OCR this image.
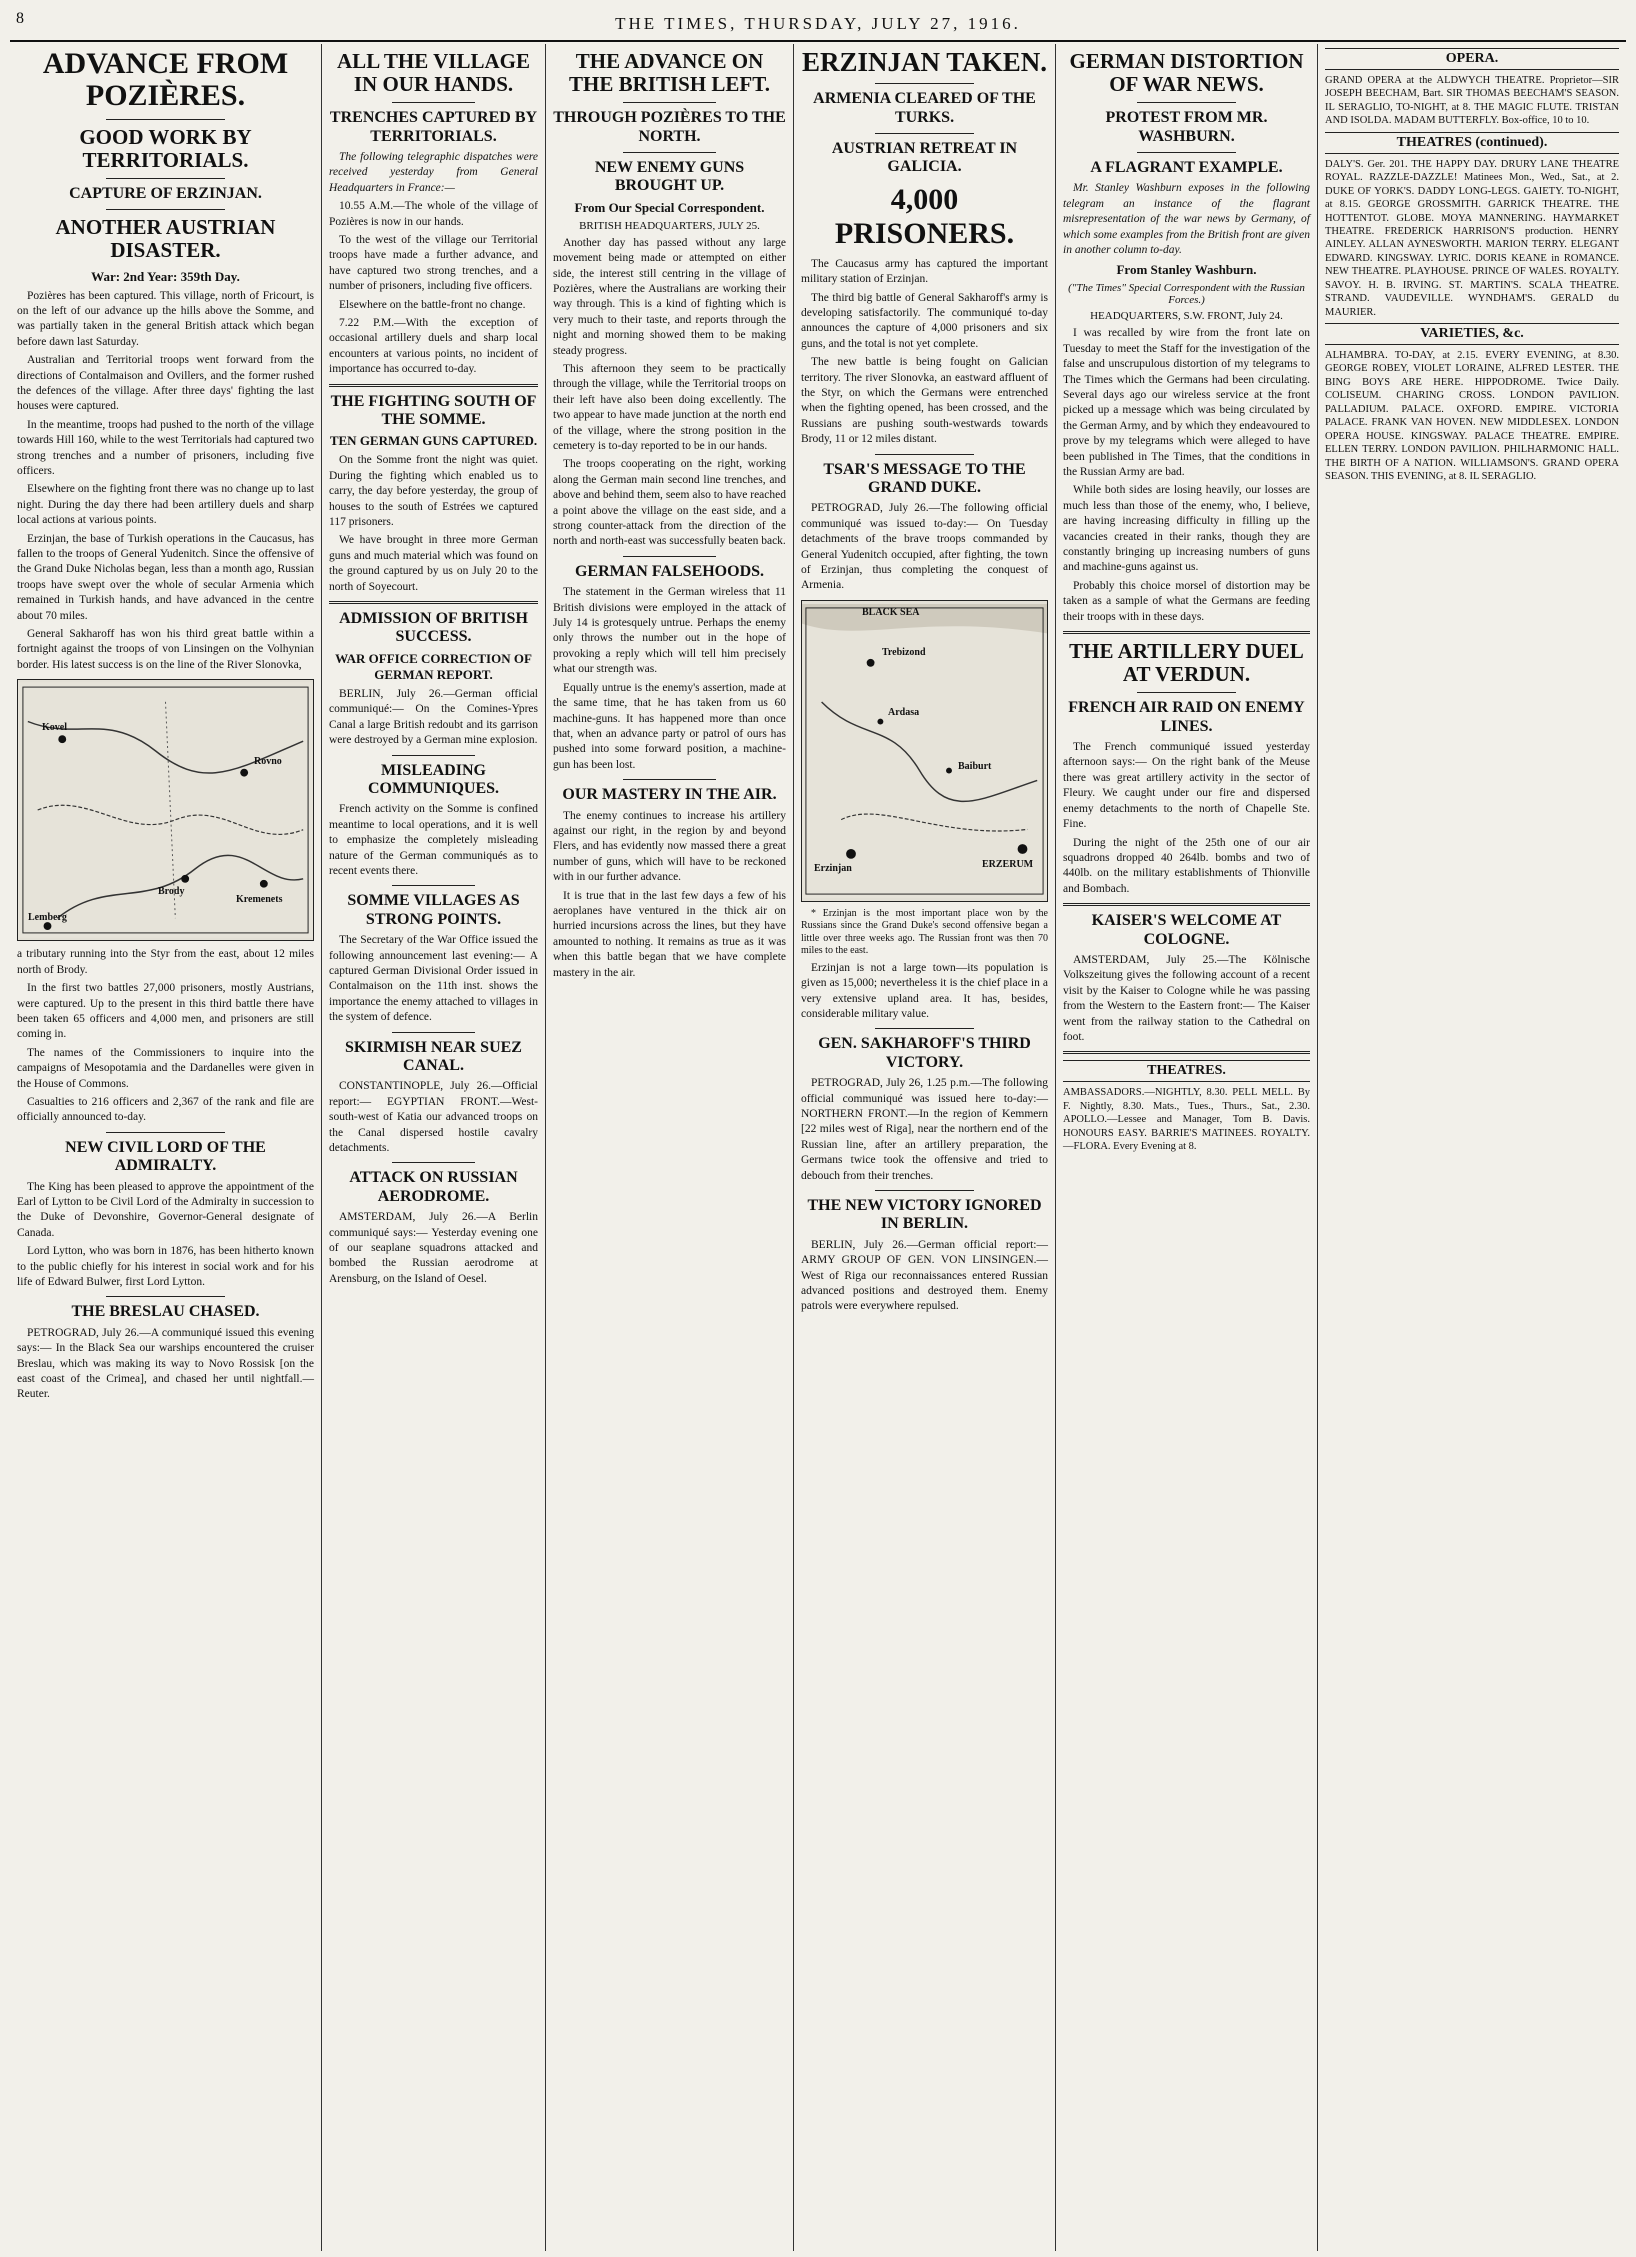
8	THE TIMES, THURSDAY, JULY 27, 1916.
ADVANCE FROM POZIÈRES.
GOOD WORK BY TERRITORIALS.
CAPTURE OF ERZINJAN.
ANOTHER AUSTRIAN DISASTER.
War: 2nd Year: 359th Day.

Pozières has been captured. This village, north of Fricourt, is on the left of our advance up the hills above the Somme, and was partially taken in the general British attack which began before dawn last Saturday.

Australian and Territorial troops went forward from the directions of Contalmaison and Ovillers, and the former rushed the defences of the village. After three days' fighting the last houses were captured.

In the meantime, troops had pushed to the north of the village towards Hill 160, while to the west Territorials had captured two strong trenches and a number of prisoners, including five officers.

Elsewhere on the fighting front there was no change up to last night. During the day there had been artillery duels and sharp local actions at various points.

Erzinjan, the base of Turkish operations in the Caucasus, has fallen to the troops of General Yudenitch. Since the offensive of the Grand Duke Nicholas began, less than a month ago, Russian troops have swept over the whole of secular Armenia which remained in Turkish hands, and have advanced in the centre about 70 miles.

General Sakharoff has won his third great battle within a fortnight against the troops of von Linsingen on the Volhynian border. His latest success is on the line of the River Slonovka,

Kovel
Rovno
Brody
Lemberg
Kremenets

a tributary running into the Styr from the east, about 12 miles north of Brody.

In the first two battles 27,000 prisoners, mostly Austrians, were captured. Up to the present in this third battle there have been taken 65 officers and 4,000 men, and prisoners are still coming in.

The names of the Commissioners to inquire into the campaigns of Mesopotamia and the Dardanelles were given in the House of Commons.

Casualties to 216 officers and 2,367 of the rank and file are officially announced to-day.

NEW CIVIL LORD OF THE ADMIRALTY.

The King has been pleased to approve the appointment of the Earl of Lytton to be Civil Lord of the Admiralty in succession to the Duke of Devonshire, Governor-General designate of Canada.

Lord Lytton, who was born in 1876, has been hitherto known to the public chiefly for his interest in social work and for his life of Edward Bulwer, first Lord Lytton.

THE BRESLAU CHASED.

PETROGRAD, July 26.—A communiqué issued this evening says:— In the Black Sea our warships encountered the cruiser Breslau, which was making its way to Novo Rossisk [on the east coast of the Crimea], and chased her until nightfall.—Reuter.

ALL THE VILLAGE IN OUR HANDS.
TRENCHES CAPTURED BY TERRITORIALS.

The following telegraphic dispatches were received yesterday from General Headquarters in France:—

10.55 A.M.—The whole of the village of Pozières is now in our hands.

To the west of the village our Territorial troops have made a further advance, and have captured two strong trenches, and a number of prisoners, including five officers.

Elsewhere on the battle-front no change.

7.22 P.M.—With the exception of occasional artillery duels and sharp local encounters at various points, no incident of importance has occurred to-day.

THE FIGHTING SOUTH OF THE SOMME.
TEN GERMAN GUNS CAPTURED.

On the Somme front the night was quiet. During the fighting which enabled us to carry, the day before yesterday, the group of houses to the south of Estrées we captured 117 prisoners.

We have brought in three more German guns and much material which was found on the ground captured by us on July 20 to the north of Soyecourt.

ADMISSION OF BRITISH SUCCESS.
WAR OFFICE CORRECTION OF GERMAN REPORT.

BERLIN, July 26.—German official communiqué:— On the Comines-Ypres Canal a large British redoubt and its garrison were destroyed by a German mine explosion.

MISLEADING COMMUNIQUES.

French activity on the Somme is confined meantime to local operations, and it is well to emphasize the completely misleading nature of the German communiqués as to recent events there.

SOMME VILLAGES AS STRONG POINTS.

The Secretary of the War Office issued the following announcement last evening:— A captured German Divisional Order issued in Contalmaison on the 11th inst. shows the importance the enemy attached to villages in the system of defence.

SKIRMISH NEAR SUEZ CANAL.

CONSTANTINOPLE, July 26.—Official report:— EGYPTIAN FRONT.—West-south-west of Katia our advanced troops on the Canal dispersed hostile cavalry detachments.

ATTACK ON RUSSIAN AERODROME.

AMSTERDAM, July 26.—A Berlin communiqué says:— Yesterday evening one of our seaplane squadrons attacked and bombed the Russian aerodrome at Arensburg, on the Island of Oesel.

THE ADVANCE ON THE BRITISH LEFT.
THROUGH POZIÈRES TO THE NORTH.
NEW ENEMY GUNS BROUGHT UP.
From Our Special Correspondent.
BRITISH HEADQUARTERS, JULY 25.

Another day has passed without any large movement being made or attempted on either side, the interest still centring in the village of Pozières, where the Australians are working their way through. This is a kind of fighting which is very much to their taste, and reports through the night and morning showed them to be making steady progress.

This afternoon they seem to be practically through the village, while the Territorial troops on their left have also been doing excellently. The two appear to have made junction at the north end of the village, where the strong position in the cemetery is to-day reported to be in our hands.

The troops cooperating on the right, working along the German main second line trenches, and above and behind them, seem also to have reached a point above the village on the east side, and a strong counter-attack from the direction of the north and north-east was successfully beaten back.

GERMAN FALSEHOODS.

The statement in the German wireless that 11 British divisions were employed in the attack of July 14 is grotesquely untrue. Perhaps the enemy only throws the number out in the hope of provoking a reply which will tell him precisely what our strength was.

Equally untrue is the enemy's assertion, made at the same time, that he has taken from us 60 machine-guns. It has happened more than once that, when an advance party or patrol of ours has pushed into some forward position, a machine-gun has been lost.

OUR MASTERY IN THE AIR.

The enemy continues to increase his artillery against our right, in the region by and beyond Flers, and has evidently now massed there a great number of guns, which will have to be reckoned with in our further advance.

It is true that in the last few days a few of his aeroplanes have ventured in the thick air on hurried incursions across the lines, but they have amounted to nothing. It remains as true as it was when this battle began that we have complete mastery in the air.

ERZINJAN TAKEN.
ARMENIA CLEARED OF THE TURKS.
AUSTRIAN RETREAT IN GALICIA.
4,000 PRISONERS.

The Caucasus army has captured the important military station of Erzinjan.

The third big battle of General Sakharoff's army is developing satisfactorily. The communiqué to-day announces the capture of 4,000 prisoners and six guns, and the total is not yet complete.

The new battle is being fought on Galician territory. The river Slonovka, an eastward affluent of the Styr, on which the Germans were entrenched when the fighting opened, has been crossed, and the Russians are pushing south-westwards towards Brody, 11 or 12 miles distant.

TSAR'S MESSAGE TO THE GRAND DUKE.

PETROGRAD, July 26.—The following official communiqué was issued to-day:— On Tuesday detachments of the brave troops commanded by General Yudenitch occupied, after fighting, the town of Erzinjan, thus completing the conquest of Armenia.

BLACK SEA
Trebizond
Erzinjan	ERZERUM
Ardasa
Baiburt

* Erzinjan is the most important place won by the Russians since the Grand Duke's second offensive began a little over three weeks ago. The Russian front was then 70 miles to the east.

Erzinjan is not a large town—its population is given as 15,000; nevertheless it is the chief place in a very extensive upland area. It has, besides, considerable military value.

GEN. SAKHAROFF'S THIRD VICTORY.

PETROGRAD, July 26, 1.25 p.m.—The following official communiqué was issued here to-day:— NORTHERN FRONT.—In the region of Kemmern [22 miles west of Riga], near the northern end of the Russian line, after an artillery preparation, the Germans twice took the offensive and tried to debouch from their trenches.

THE NEW VICTORY IGNORED IN BERLIN.

BERLIN, July 26.—German official report:— ARMY GROUP OF GEN. VON LINSINGEN.—West of Riga our reconnaissances entered Russian advanced positions and destroyed them. Enemy patrols were everywhere repulsed.

GERMAN DISTORTION OF WAR NEWS.
PROTEST FROM MR. WASHBURN.
A FLAGRANT EXAMPLE.

Mr. Stanley Washburn exposes in the following telegram an instance of the flagrant misrepresentation of the war news by Germany, of which some examples from the British front are given in another column to-day.

From Stanley Washburn.
("The Times" Special Correspondent with the Russian Forces.)
HEADQUARTERS, S.W. FRONT, July 24.

I was recalled by wire from the front late on Tuesday to meet the Staff for the investigation of the false and unscrupulous distortion of my telegrams to The Times which the Germans had been circulating. Several days ago our wireless service at the front picked up a message which was being circulated by the German Army, and by which they endeavoured to prove by my telegrams which were alleged to have been published in The Times, that the conditions in the Russian Army are bad.

While both sides are losing heavily, our losses are much less than those of the enemy, who, I believe, are having increasing difficulty in filling up the vacancies created in their ranks, though they are constantly bringing up increasing numbers of guns and machine-guns against us.

Probably this choice morsel of distortion may be taken as a sample of what the Germans are feeding their troops with in these days.

THE ARTILLERY DUEL AT VERDUN.
FRENCH AIR RAID ON ENEMY LINES.

The French communiqué issued yesterday afternoon says:— On the right bank of the Meuse there was great artillery activity in the sector of Fleury. We caught under our fire and dispersed enemy detachments to the north of Chapelle Ste. Fine.

During the night of the 25th one of our air squadrons dropped 40 264lb. bombs and two of 440lb. on the military establishments of Thionville and Bombach.

KAISER'S WELCOME AT COLOGNE.

AMSTERDAM, July 25.—The Kölnische Volkszeitung gives the following account of a recent visit by the Kaiser to Cologne while he was passing from the Western to the Eastern front:— The Kaiser went from the railway station to the Cathedral on foot.

THEATRES.

AMBASSADORS.—NIGHTLY, 8.30. PELL MELL. By F. Nightly, 8.30. Mats., Tues., Thurs., Sat., 2.30. APOLLO.—Lessee and Manager, Tom B. Davis. HONOURS EASY. BARRIE'S MATINEES. ROYALTY.—FLORA. Every Evening at 8.

OPERA.

GRAND OPERA at the ALDWYCH THEATRE. Proprietor—SIR JOSEPH BEECHAM, Bart. SIR THOMAS BEECHAM'S SEASON. IL SERAGLIO, TO-NIGHT, at 8. THE MAGIC FLUTE. TRISTAN AND ISOLDA. MADAM BUTTERFLY. Box-office, 10 to 10.

THEATRES (continued).

DALY'S. Ger. 201. THE HAPPY DAY. DRURY LANE THEATRE ROYAL. RAZZLE-DAZZLE! Matinees Mon., Wed., Sat., at 2. DUKE OF YORK'S. DADDY LONG-LEGS. GAIETY. TO-NIGHT, at 8.15. GEORGE GROSSMITH. GARRICK THEATRE. THE HOTTENTOT. GLOBE. MOYA MANNERING. HAYMARKET THEATRE. FREDERICK HARRISON'S production. HENRY AINLEY. ALLAN AYNESWORTH. MARION TERRY. ELEGANT EDWARD. KINGSWAY. LYRIC. DORIS KEANE in ROMANCE. NEW THEATRE. PLAYHOUSE. PRINCE OF WALES. ROYALTY. SAVOY. H. B. IRVING. ST. MARTIN'S. SCALA THEATRE. STRAND. VAUDEVILLE. WYNDHAM'S. GERALD du MAURIER.

VARIETIES, &c.

ALHAMBRA. TO-DAY, at 2.15. EVERY EVENING, at 8.30. GEORGE ROBEY, VIOLET LORAINE, ALFRED LESTER. THE BING BOYS ARE HERE. HIPPODROME. Twice Daily. COLISEUM. CHARING CROSS. LONDON PAVILION. PALLADIUM. PALACE. OXFORD. EMPIRE. VICTORIA PALACE. FRANK VAN HOVEN. NEW MIDDLESEX. LONDON OPERA HOUSE. KINGSWAY. PALACE THEATRE. EMPIRE. ELLEN TERRY. LONDON PAVILION. PHILHARMONIC HALL. THE BIRTH OF A NATION. WILLIAMSON'S. GRAND OPERA SEASON. THIS EVENING, at 8. IL SERAGLIO.
